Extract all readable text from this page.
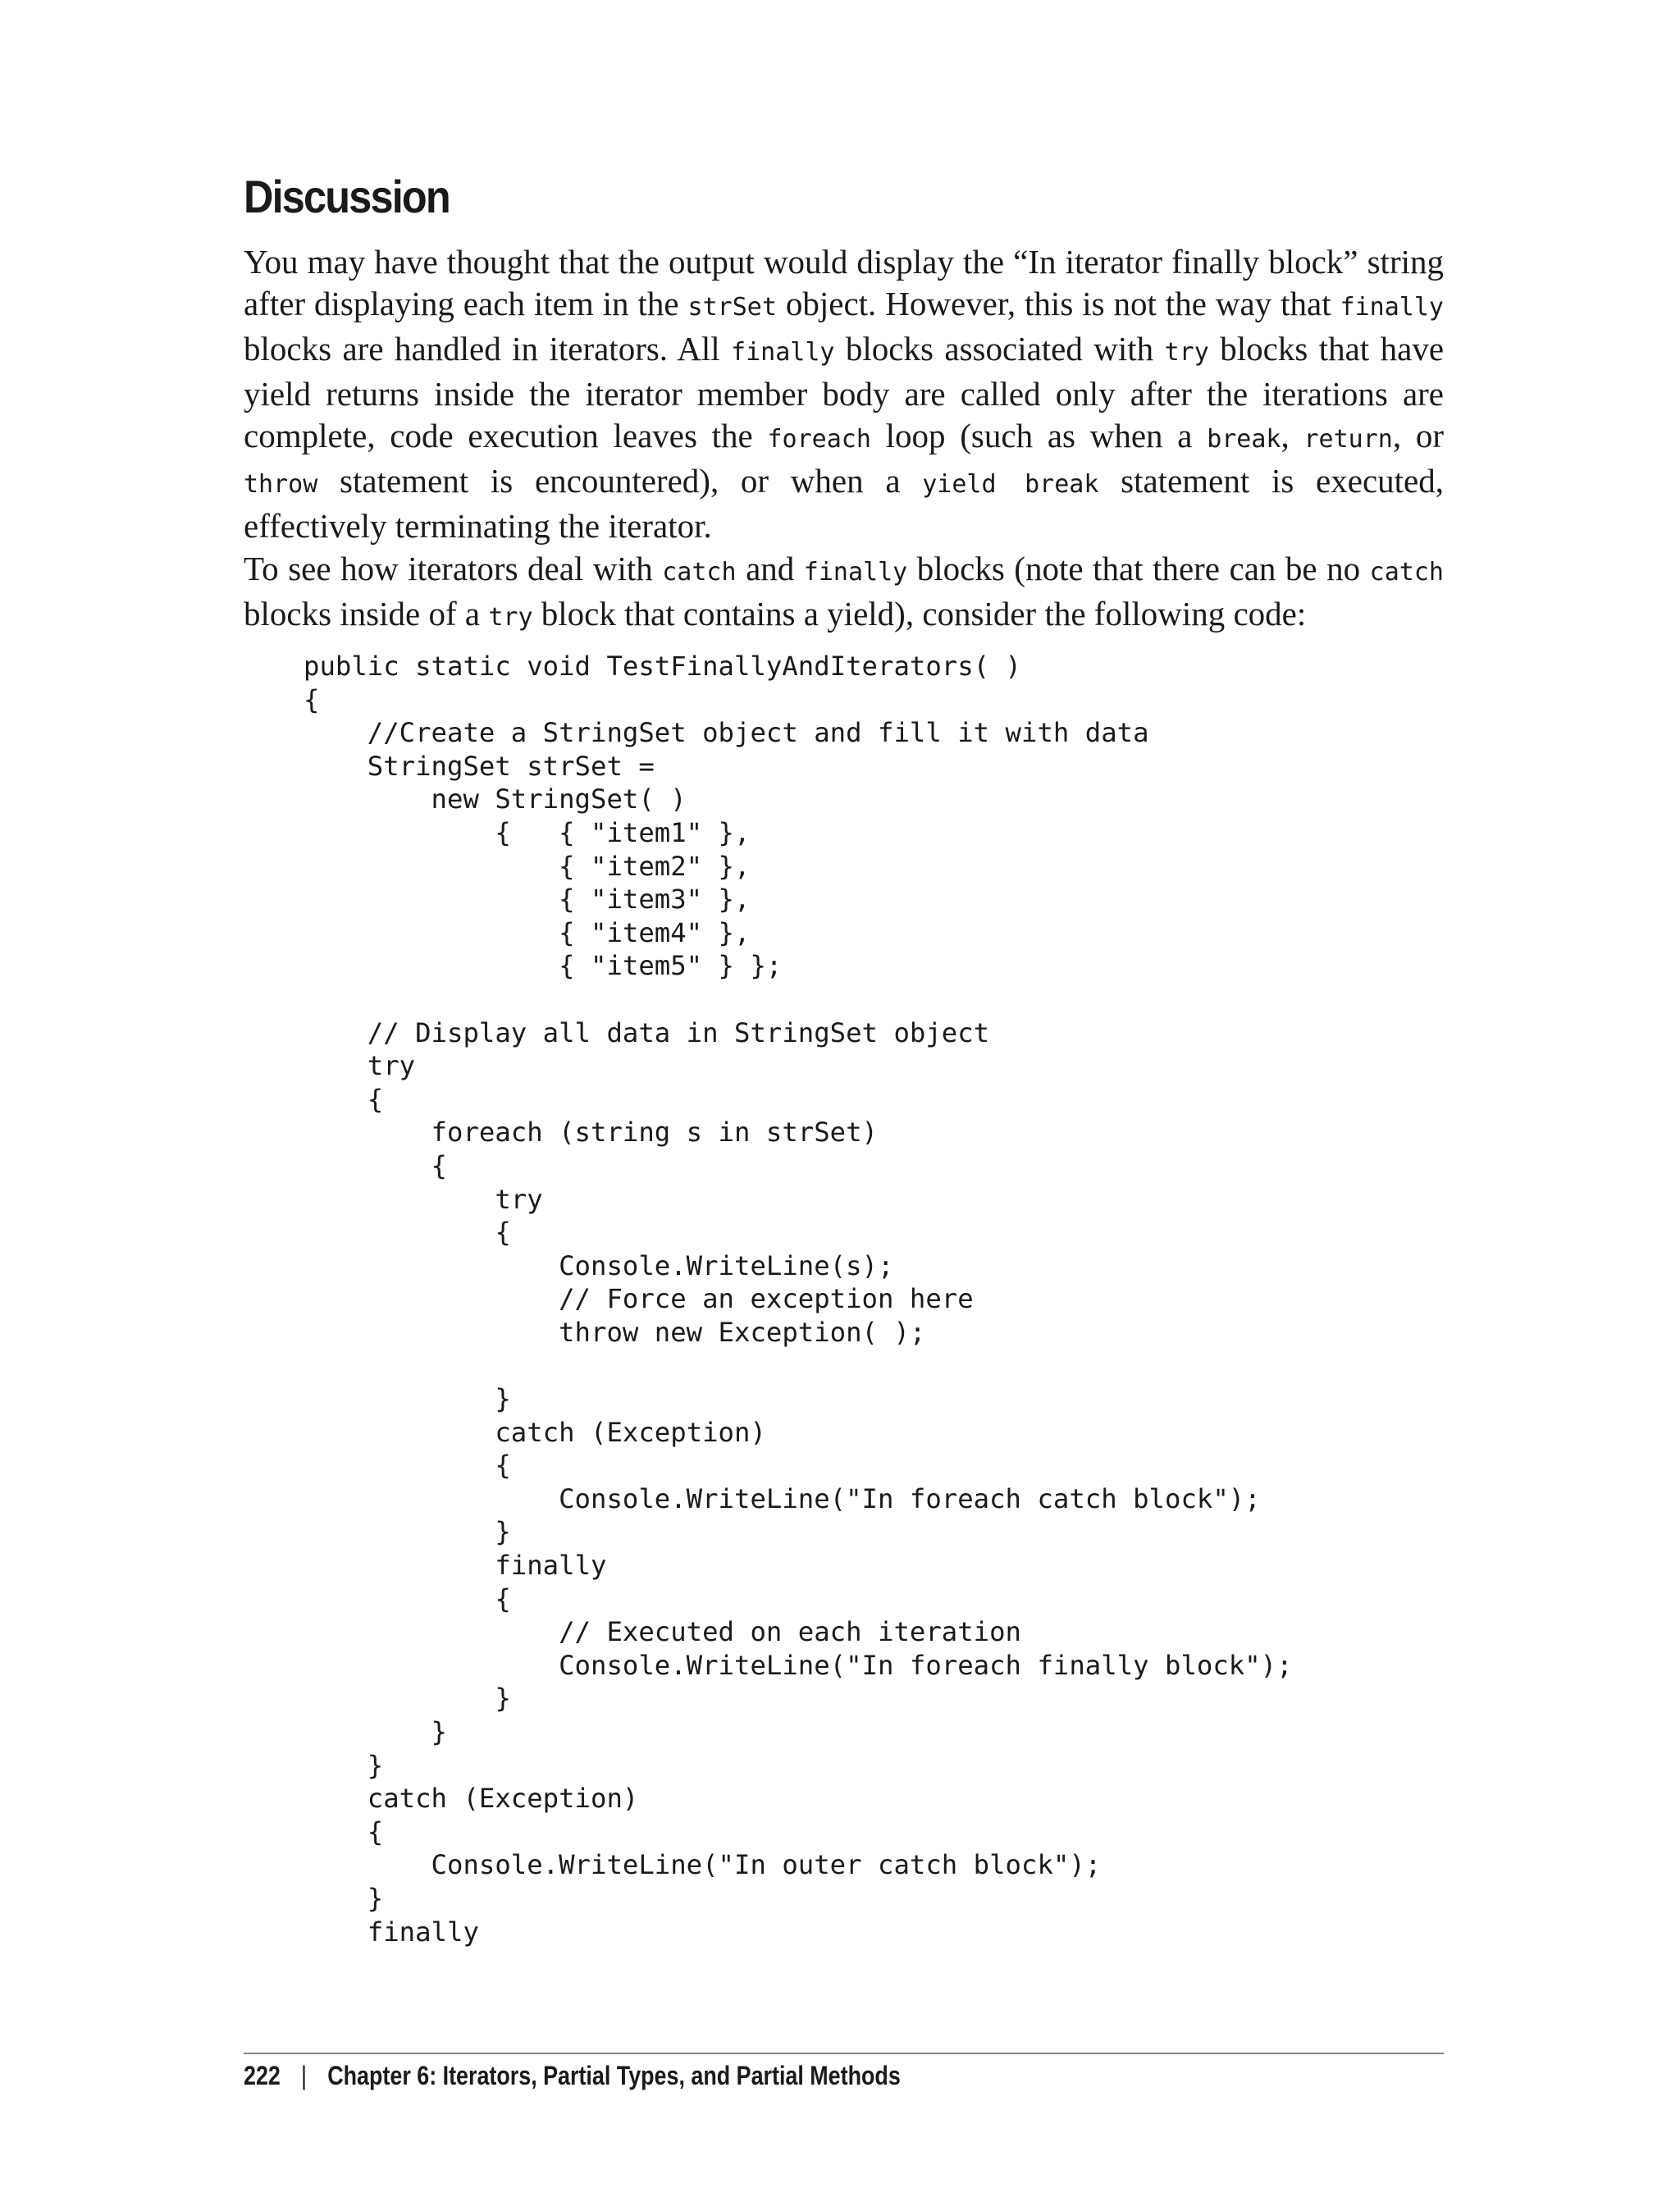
Discussion

You may have thought that the output would display the “In iterator finally block” string after displaying each item in the strSet object. However, this is not the way that finally blocks are handled in iterators. All finally blocks associated with try blocks that have yield returns inside the iterator member body are called only after the iterations are complete, code execution leaves the foreach loop (such as when a break, return, or throw statement is encountered), or when a yield break statement is executed, effectively terminating the iterator.

To see how iterators deal with catch and finally blocks (note that there can be no catch blocks inside of a try block that contains a yield), consider the following code:

public static void TestFinallyAndIterators( )
{
//Create a StringSet object and fill it with data
StringSet strSet =
new StringSet( )
{   { "item1" },
{ "item2" },
{ "item3" },
{ "item4" },
{ "item5" } };

// Display all data in StringSet object
try
{
foreach (string s in strSet)
{
try
{
Console.WriteLine(s);
// Force an exception here
throw new Exception( );

}
catch (Exception)
{
Console.WriteLine("In foreach catch block");
}
finally
{
// Executed on each iteration
Console.WriteLine("In foreach finally block");
}
}
}
catch (Exception)
{
Console.WriteLine("In outer catch block");
}
finally
222 | Chapter 6: Iterators, Partial Types, and Partial Methods
